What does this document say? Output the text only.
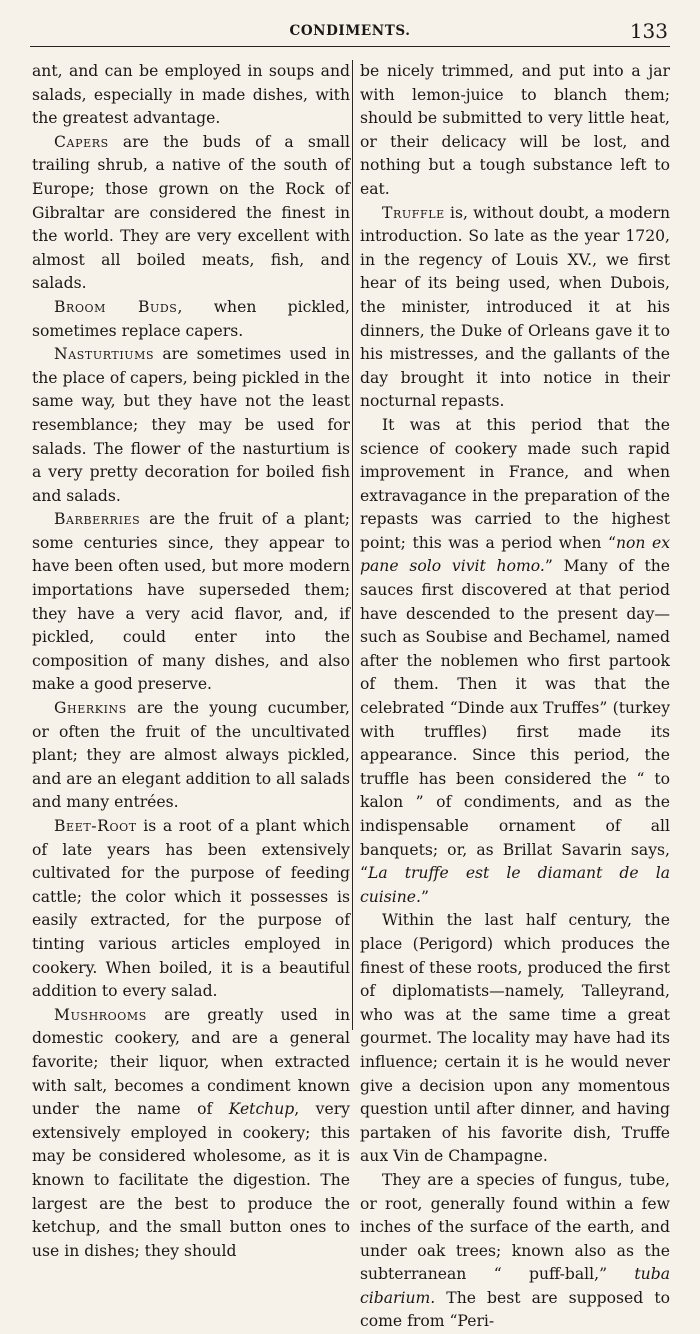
CONDIMENTS.	133

ant, and can be employed in soups and salads, especially in made dishes, with the greatest advantage.

Capers are the buds of a small trailing shrub, a native of the south of Europe; those grown on the Rock of Gibraltar are considered the finest in the world. They are very excellent with almost all boiled meats, fish, and salads.

Broom Buds, when pickled, sometimes replace capers.

Nasturtiums are sometimes used in the place of capers, being pickled in the same way, but they have not the least resemblance; they may be used for salads. The flower of the nasturtium is a very pretty decoration for boiled fish and salads.

Barberries are the fruit of a plant; some centuries since, they appear to have been often used, but more modern importations have superseded them; they have a very acid flavor, and, if pickled, could enter into the composition of many dishes, and also make a good preserve.

Gherkins are the young cucumber, or often the fruit of the uncultivated plant; they are almost always pickled, and are an elegant addition to all salads and many entrées.

Beet-Root is a root of a plant which of late years has been extensively cultivated for the purpose of feeding cattle; the color which it possesses is easily extracted, for the purpose of tinting various articles employed in cookery. When boiled, it is a beautiful addition to every salad.

Mushrooms are greatly used in domestic cookery, and are a general favorite; their liquor, when extracted with salt, becomes a condiment known under the name of Ketchup, very extensively employed in cookery; this may be considered wholesome, as it is known to facilitate the digestion. The largest are the best to produce the ketchup, and the small button ones to use in dishes; they should

be nicely trimmed, and put into a jar with lemon-juice to blanch them; should be submitted to very little heat, or their delicacy will be lost, and nothing but a tough substance left to eat.

Truffle is, without doubt, a modern introduction. So late as the year 1720, in the regency of Louis XV., we first hear of its being used, when Dubois, the minister, introduced it at his dinners, the Duke of Orleans gave it to his mistresses, and the gallants of the day brought it into notice in their nocturnal repasts.

It was at this period that the science of cookery made such rapid improvement in France, and when extravagance in the preparation of the repasts was carried to the highest point; this was a period when “non ex pane solo vivit homo.” Many of the sauces first discovered at that period have descended to the present day—such as Soubise and Bechamel, named after the noblemen who first partook of them. Then it was that the celebrated “Dinde aux Truffes” (turkey with truffles) first made its appearance. Since this period, the truffle has been considered the “ to kalon ” of condiments, and as the indispensable ornament of all banquets; or, as Brillat Savarin says, “La truffe est le diamant de la cuisine.”

Within the last half century, the place (Perigord) which produces the finest of these roots, produced the first of diplomatists—namely, Talleyrand, who was at the same time a great gourmet. The locality may have had its influence; certain it is he would never give a decision upon any momentous question until after dinner, and having partaken of his favorite dish, Truffe aux Vin de Champagne.

They are a species of fungus, tube, or root, generally found within a few inches of the surface of the earth, and under oak trees; known also as the subterranean “ puff-ball,” tuba cibarium. The best are supposed to come from “Peri-
